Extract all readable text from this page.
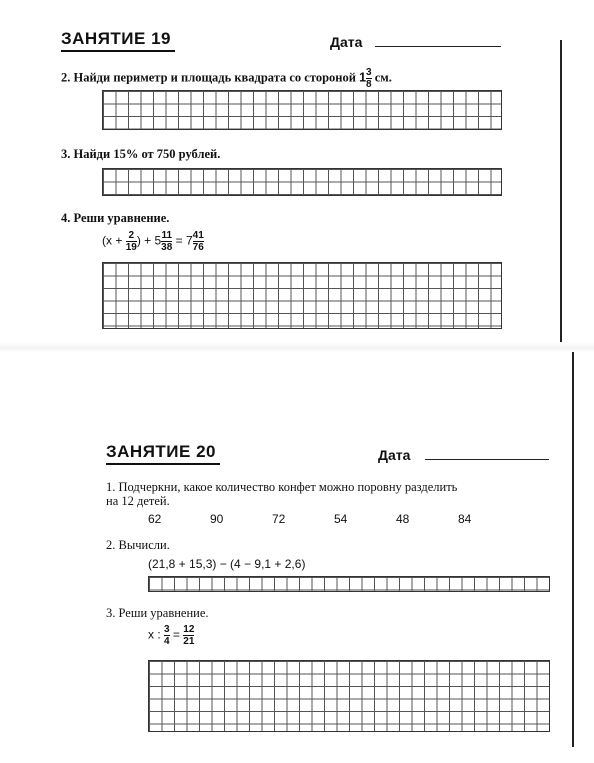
ЗАНЯТИЕ 19	Дата
2. Найди периметр и площадь квадрата со стороной $1 \frac{3}{8}$ см.
3. Найди 15% от 750 рублей.
4. Реши уравнение.
($x + \frac{2}{19}$ ) + $5 \frac{11}{38} = 7 \frac{41}{76}$
ЗАНЯТИЕ 20	Дата
1. Подчеркни, какое количество конфет можно поровну разделить
на 12 детей.
62	90	72	54	48	84
2. Вычисли.
(21,8 + 15,3) − (4 − 9,1 + 2,6)
3. Реши уравнение.
x : $\frac{3}{4} = \frac{12}{21}$
